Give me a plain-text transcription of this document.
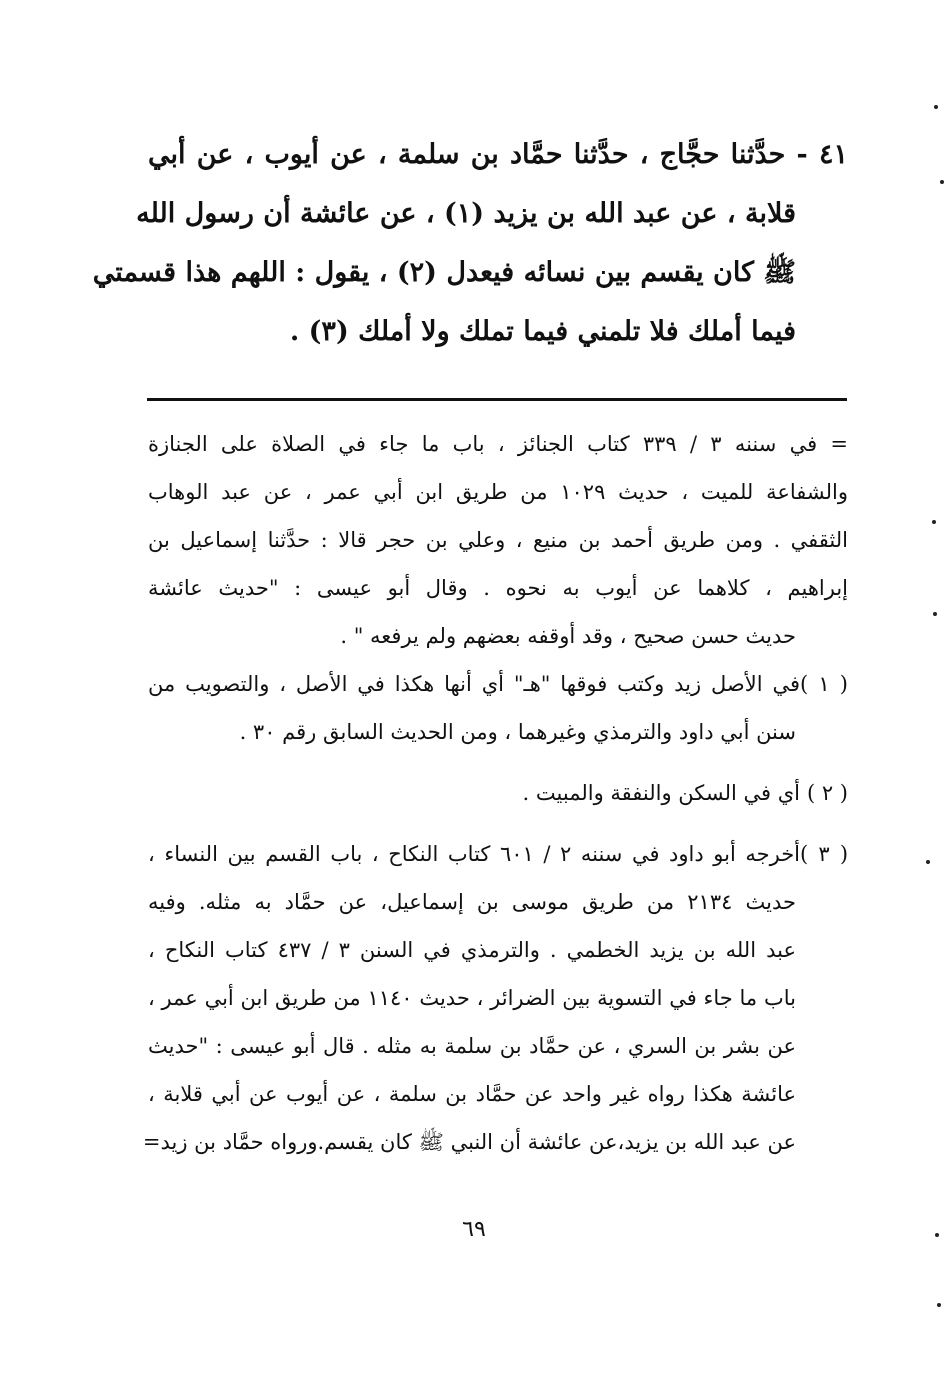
٤١ - حدَّثنا حجَّاج ، حدَّثنا حمَّاد بن سلمة ، عن أيوب ، عن أبي
قلابة ، عن عبد الله بن يزيد (١) ، عن عائشة أن رسول الله
ﷺ كان يقسم بين نسائه فيعدل (٢) ، يقول : اللهم هذا قسمتي
فيما أملك فلا تلمني فيما تملك ولا أملك (٣) .
= في سننه ٣ / ٣٣٩ كتاب الجنائز ، باب ما جاء في الصلاة على الجنازة
والشفاعة للميت ، حديث ١٠٢٩ من طريق ابن أبي عمر ، عن عبد الوهاب
الثقفي . ومن طريق أحمد بن منيع ، وعلي بن حجر قالا : حدَّثنا إسماعيل بن
إبراهيم ، كلاهما عن أيوب به نحوه . وقال أبو عيسى : "حديث عائشة
حديث حسن صحيح ، وقد أوقفه بعضهم ولم يرفعه " .
( ١ )في الأصل زيد وكتب فوقها "هـ" أي أنها هكذا في الأصل ، والتصويب من
سنن أبي داود والترمذي وغيرهما ، ومن الحديث السابق رقم ٣٠ .
( ٢ )أي في السكن والنفقة والمبيت .
( ٣ )أخرجه أبو داود في سننه ٢ / ٦٠١ كتاب النكاح ، باب القسم بين النساء ،
حديث ٢١٣٤ من طريق موسى بن إسماعيل، عن حمَّاد به مثله. وفيه
عبد الله بن يزيد الخطمي . والترمذي في السنن ٣ / ٤٣٧ كتاب النكاح ،
باب ما جاء في التسوية بين الضرائر ، حديث ١١٤٠ من طريق ابن أبي عمر ،
عن بشر بن السري ، عن حمَّاد بن سلمة به مثله . قال أبو عيسى : "حديث
عائشة هكذا رواه غير واحد عن حمَّاد بن سلمة ، عن أيوب عن أبي قلابة ،
عن عبد الله بن يزيد،عن عائشة أن النبي ﷺ كان يقسم.ورواه حمَّاد بن زيد=
٦٩
